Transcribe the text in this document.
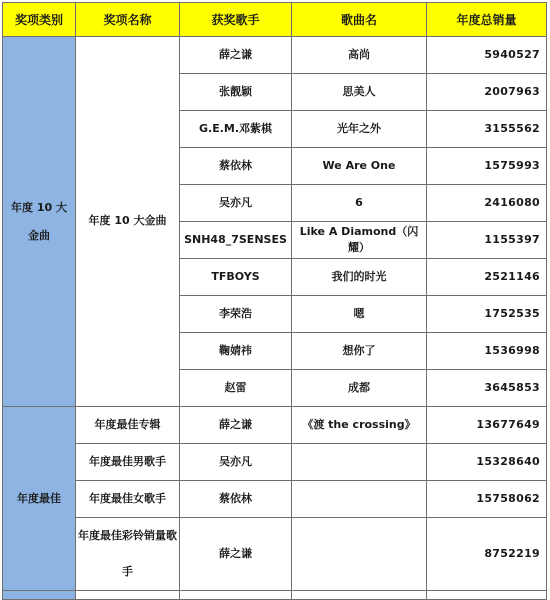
奖项类别	奖项名称	获奖歌手	歌曲名	年度总销量

年度 10 大金曲	年度 10 大金曲	薛之谦	高尚	5940527
		张靓颖	思美人	2007963
		G.E.M.邓紫棋	光年之外	3155562
		蔡依林	We Are One	1575993
		吴亦凡	6	2416080
		SNH48_7SENSES	Like A Diamond（闪耀）	1155397
		TFBOYS	我们的时光	2521146
		李荣浩	嗯	1752535
		鞠婧祎	想你了	1536998
		赵雷	成都	3645853

年度最佳	年度最佳专辑	薛之谦	《渡 the crossing》	13677649
	年度最佳男歌手	吴亦凡		15328640
	年度最佳女歌手	蔡依林		15758062
	年度最佳彩铃销量歌手	薛之谦		8752219
